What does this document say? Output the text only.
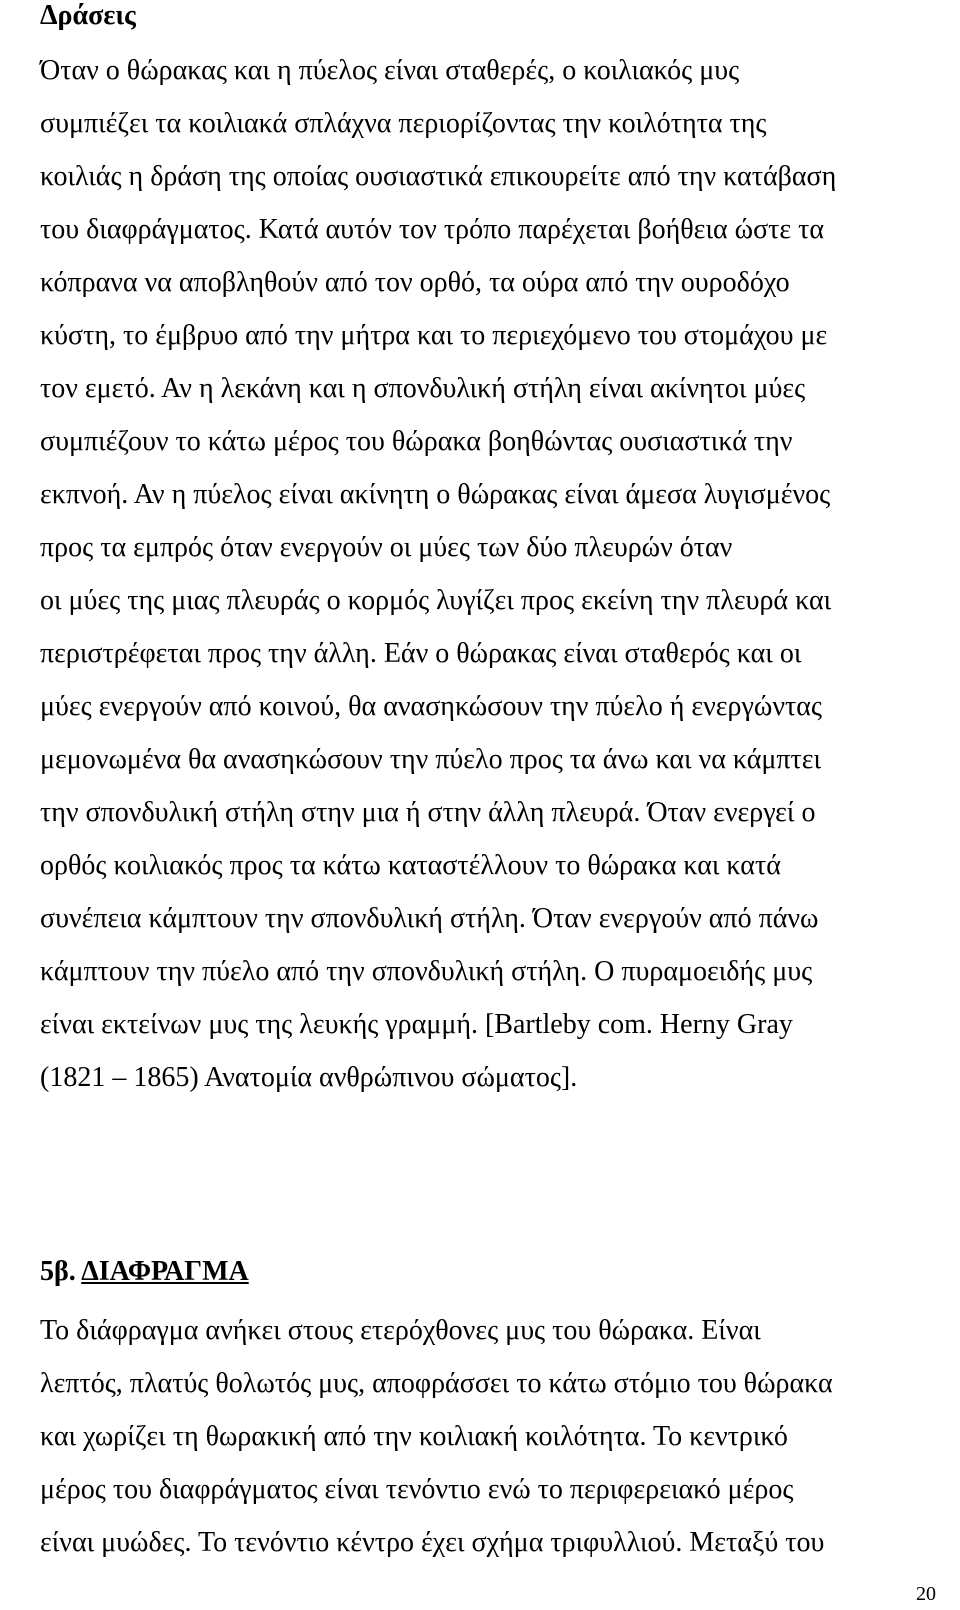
Δράσεις
Όταν ο θώρακας και η πύελος είναι σταθερές, ο κοιλιακός μυς
συμπιέζει τα κοιλιακά σπλάχνα περιορίζοντας την κοιλότητα της
κοιλιάς η δράση της οποίας ουσιαστικά επικουρείτε από την κατάβαση
του διαφράγματος. Κατά αυτόν τον τρόπο παρέχεται βοήθεια ώστε τα
κόπρανα να αποβληθούν από τον ορθό, τα ούρα από την ουροδόχο
κύστη, το έμβρυο από την μήτρα και το περιεχόμενο του στομάχου με
τον εμετό. Αν η λεκάνη και η σπονδυλική στήλη είναι ακίνητοι μύες
συμπιέζουν το κάτω μέρος του θώρακα βοηθώντας ουσιαστικά την
εκπνοή. Αν η πύελος είναι ακίνητη ο θώρακας είναι άμεσα λυγισμένος
προς τα εμπρός όταν ενεργούν οι μύες των δύο πλευρών όταν
οι μύες της μιας πλευράς ο κορμός λυγίζει προς εκείνη την πλευρά και
περιστρέφεται προς την άλλη. Εάν ο θώρακας είναι σταθερός και οι
μύες ενεργούν από κοινού, θα ανασηκώσουν την πύελο ή ενεργώντας
μεμονωμένα θα ανασηκώσουν την πύελο προς τα άνω και να κάμπτει
την σπονδυλική στήλη στην μια ή στην άλλη πλευρά. Όταν ενεργεί ο
ορθός κοιλιακός προς τα κάτω καταστέλλουν το θώρακα και κατά
συνέπεια κάμπτουν την σπονδυλική στήλη. Όταν ενεργούν από πάνω
κάμπτουν την πύελο από την σπονδυλική στήλη. Ο πυραμοειδής μυς
είναι εκτείνων μυς της λευκής γραμμή. [Bartleby com. Herny Gray
(1821 – 1865) Ανατομία ανθρώπινου σώματος].
5β. ΔΙΑΦΡΑΓΜΑ
Το διάφραγμα ανήκει στους ετερόχθονες μυς του θώρακα. Είναι
λεπτός, πλατύς θολωτός μυς, αποφράσσει το κάτω στόμιο του θώρακα
και χωρίζει τη θωρακική από την κοιλιακή κοιλότητα. Το κεντρικό
μέρος του διαφράγματος είναι τενόντιο ενώ το περιφερειακό μέρος
είναι μυώδες. Το τενόντιο κέντρο έχει σχήμα τριφυλλιού. Μεταξύ του
20
